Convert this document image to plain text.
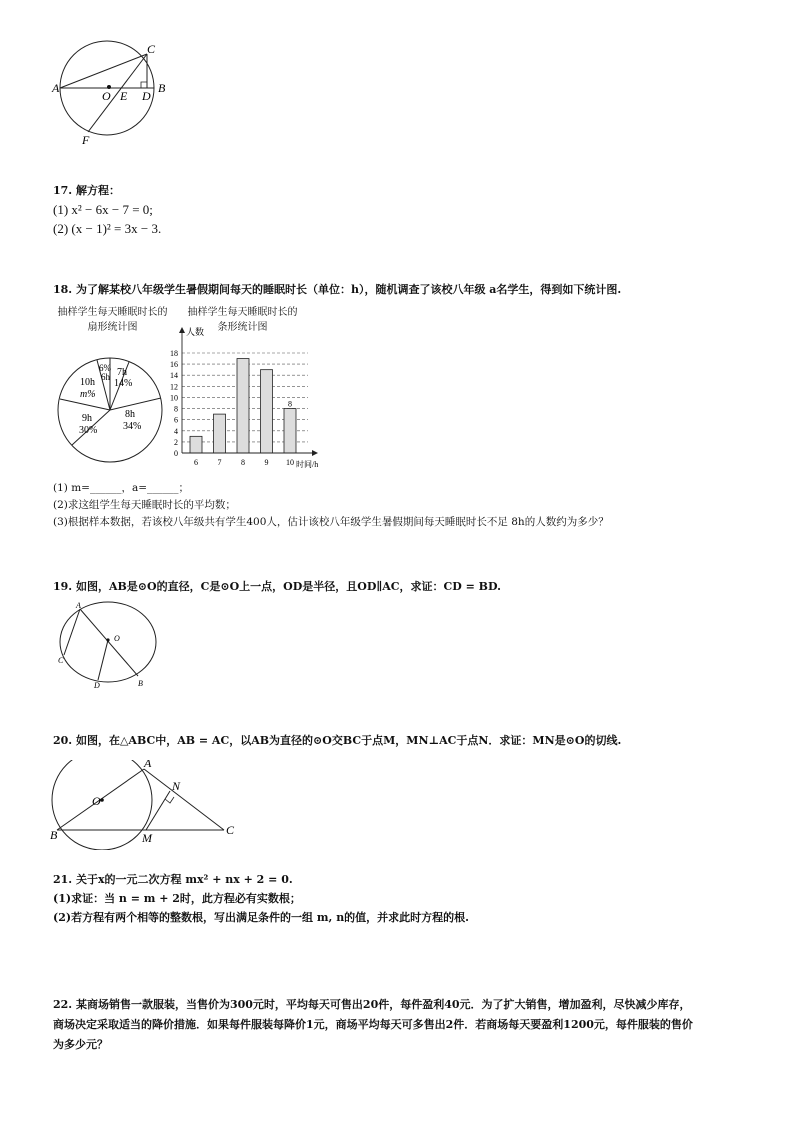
A
O E D
B
C
F
17. 解方程：
(1) x² − 6x − 7 = 0;
(2) (x − 1)² = 3x − 3.
18. 为了解某校八年级学生暑假期间每天的睡眠时长（单位：h），随机调查了该校八年级 a名学生，得到如下统计图.
抽样学生每天睡眠时长的
扇形统计图
抽样学生每天睡眠时长的
条形统计图
6%
6h 7h
14%
8h
34%
9h
30%
10h
m%
0
2
4
6
8
10
12
14
16
18
6 7 8 9 10
8
人数
时间/h
(1) m=______，a=______；
(2)求这组学生每天睡眠时长的平均数；
(3)根据样本数据，若该校八年级共有学生400人，估计该校八年级学生暑假期间每天睡眠时长不足 8h的人数约为多少？
19. 如图，AB是⊙O的直径，C是⊙O上一点，OD是半径，且OD∥AC，求证：CD = BD.
A
O
C
D	B
20. 如图，在△ABC中，AB = AC，以AB为直径的⊙O交BC于点M，MN⊥AC于点N．求证：MN是⊙O的切线.
A
N
O
B	M
C
21. 关于x的一元二次方程 mx² + nx + 2 = 0.
(1)求证：当 n = m + 2时，此方程必有实数根；
(2)若方程有两个相等的整数根，写出满足条件的一组 m, n的值，并求此时方程的根.
22. 某商场销售一款服装，当售价为300元时，平均每天可售出20件，每件盈利40元．为了扩大销售，增加盈利，尽快减少库存，
商场决定采取适当的降价措施．如果每件服装每降价1元，商场平均每天可多售出2件．若商场每天要盈利1200元，每件服装的售价
为多少元？
